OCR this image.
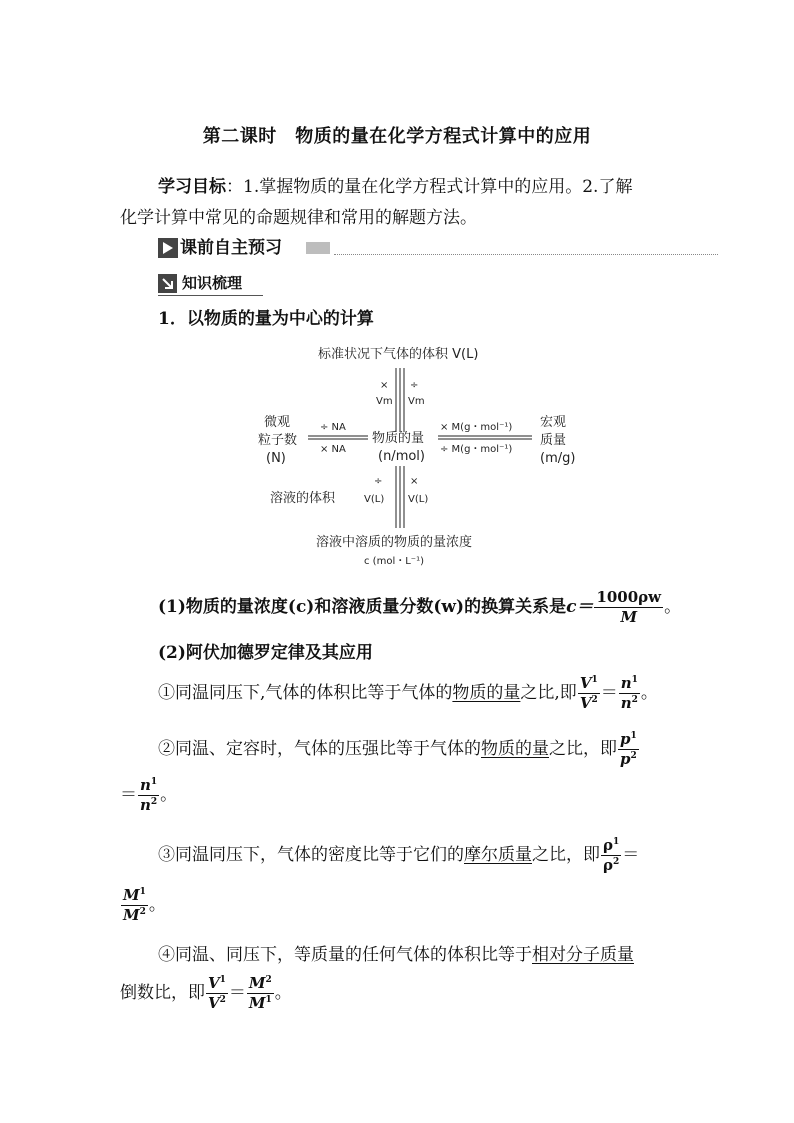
第二课时　物质的量在化学方程式计算中的应用
学习目标：1.掌握物质的量在化学方程式计算中的应用。2.了解
化学计算中常见的命题规律和常用的解题方法。
课前自主预习
知识梳理
1．以物质的量为中心的计算
标准状况下气体的体积 V(L)
×
Vm
÷
Vm
微观
粒子数
(N)
÷ NA
× NA
物质的量
(n/mol)
× M(g・mol⁻¹)
÷ M(g・mol⁻¹)
宏观
质量
(m/g)
溶液的体积
÷
V(L)
×
V(L)
溶液中溶质的物质的量浓度
c (mol・L⁻¹)
(1)物质的量浓度(c)和溶液质量分数(w)的换算关系是$c= \frac{1000\rho w}{M}$ 。
(2)阿伏加德罗定律及其应用
①同温同压下,气体的体积比等于气体的物质的量之比,即 $\frac{V^1}{V^2} = \frac{n^1}{n^2}$ 。
②同温、定容时，气体的压强比等于气体的物质的量之比，即 $\frac{p^1}{p^2}$
＝ $\frac{n^1}{n^2}$ 。
③同温同压下，气体的密度比等于它们的摩尔质量之比，即 $\frac{\rho^1}{\rho^2}$ ＝
$\frac{M^1}{M^2}$ 。
④同温、同压下，等质量的任何气体的体积比等于相对分子质量
倒数比，即 $\frac{V^1}{V^2} = \frac{M^2}{M^1}$ 。
